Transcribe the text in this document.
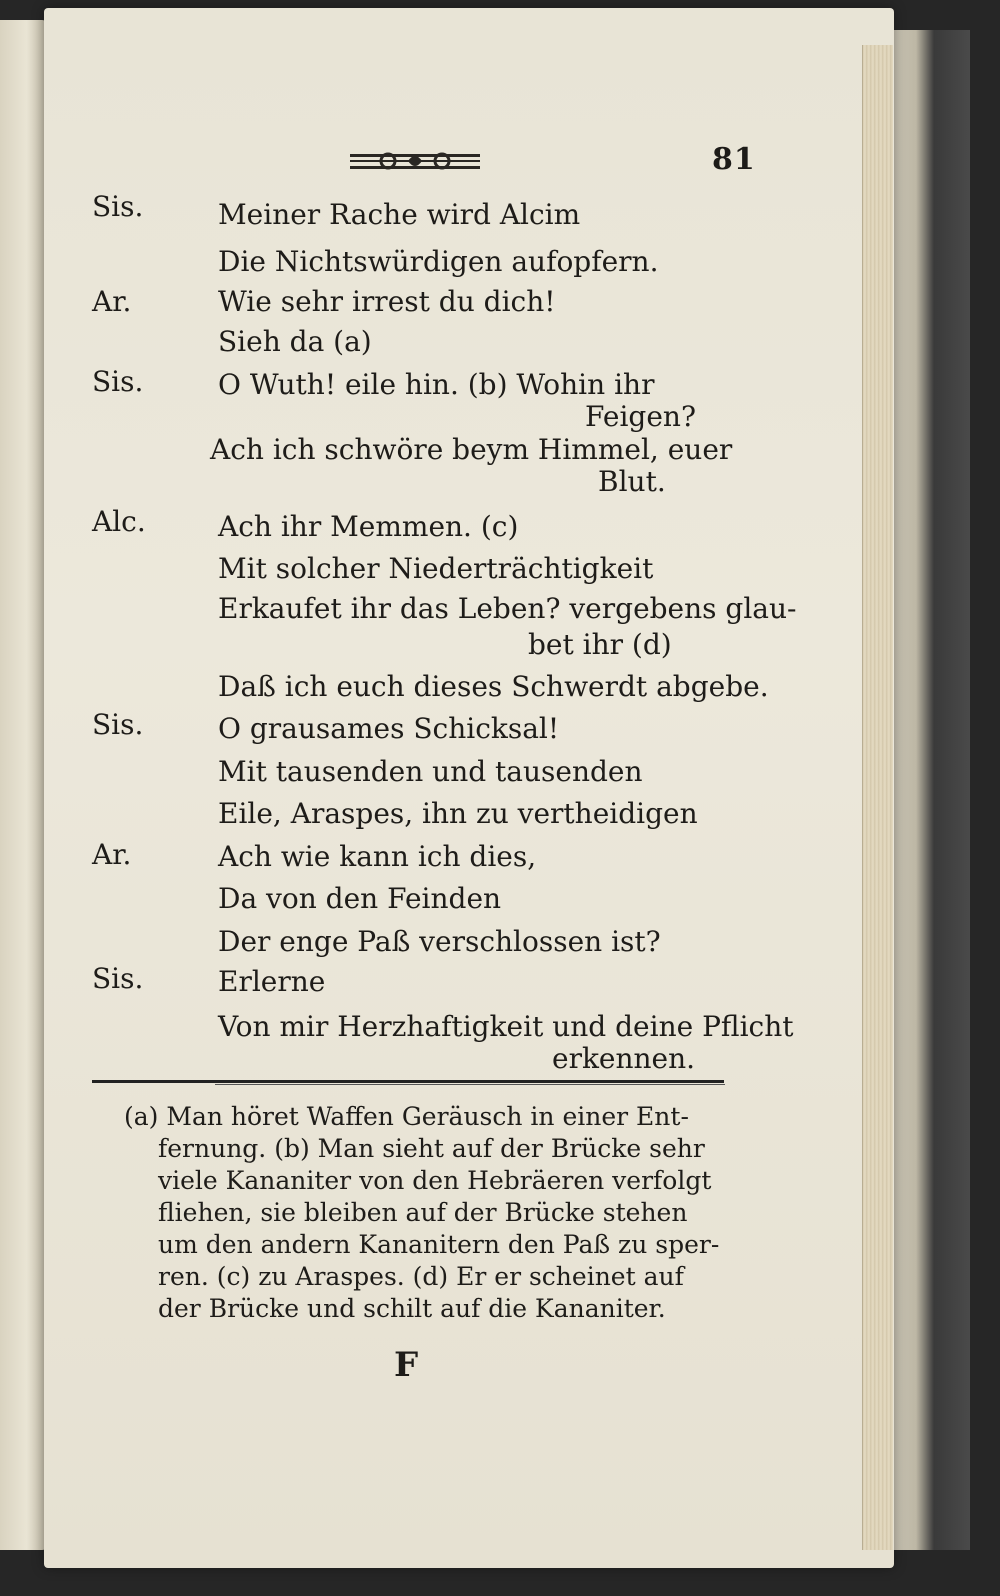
81
Sis.	Meiner Rache wird Alcim
Die Nichtswürdigen aufopfern.
Ar.	Wie sehr irrest du dich!
Sieh da (a)
Sis.	O Wuth! eile hin. (b) Wohin ihr
Feigen?
Ach ich schwöre beym Himmel, euer
Blut.
Alc.	Ach ihr Memmen. (c)
Mit solcher Niederträchtigkeit
Erkaufet ihr das Leben? vergebens glau-
bet ihr (d)
Daß ich euch dieses Schwerdt abgebe.
Sis.	O grausames Schicksal!
Mit tausenden und tausenden
Eile, Araspes, ihn zu vertheidigen
Ar.	Ach wie kann ich dies,
Da von den Feinden
Der enge Paß verschlossen ist?
Sis.	Erlerne
Von mir Herzhaftigkeit und deine Pflicht
erkennen.
(a) Man höret Waffen Geräusch in einer Ent-
fernung. (b) Man sieht auf der Brücke sehr
viele Kananiter von den Hebräeren verfolgt
fliehen, sie bleiben auf der Brücke stehen
um den andern Kananitern den Paß zu sper-
ren. (c) zu Araspes. (d) Er er scheinet auf
der Brücke und schilt auf die Kananiter.
F
